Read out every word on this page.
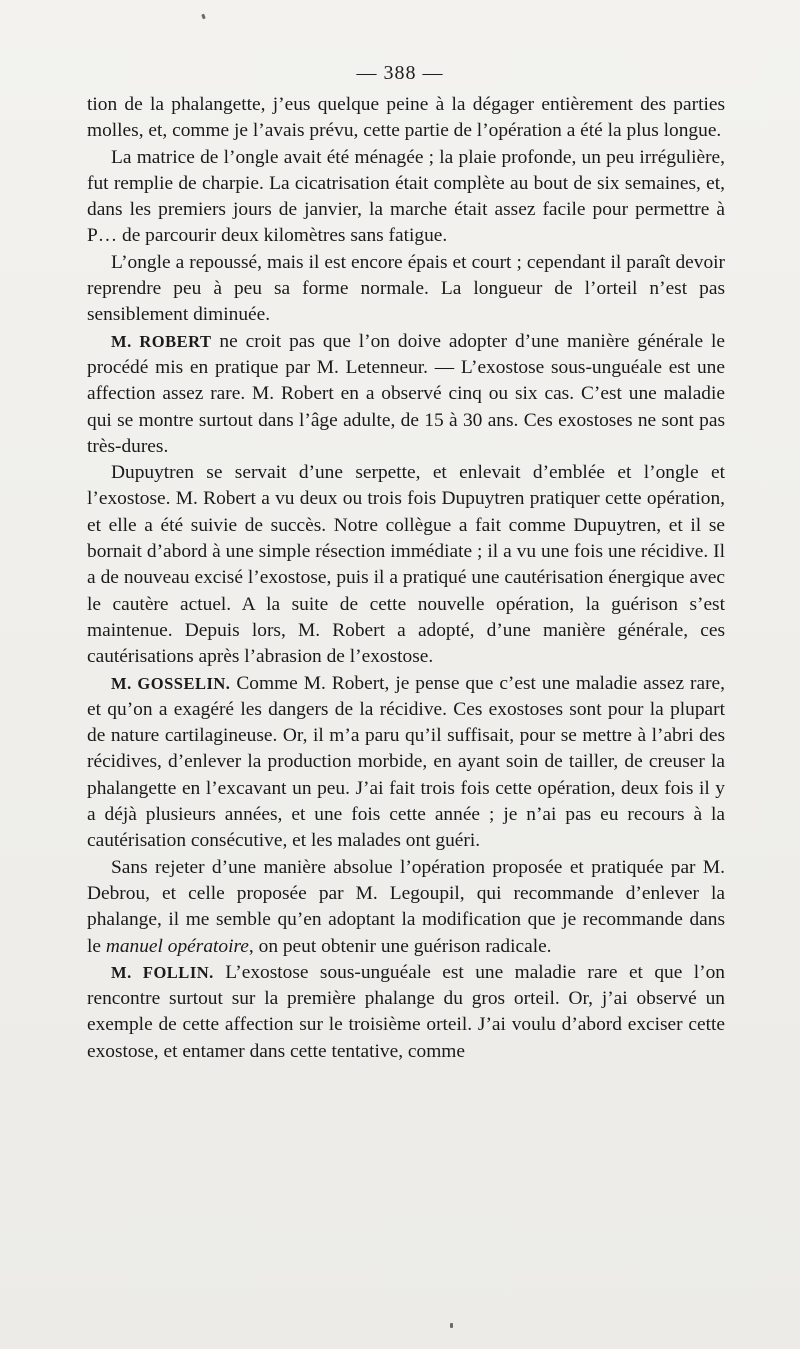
— 388 —

tion de la phalangette, j’eus quelque peine à la dégager entièrement des parties molles, et, comme je l’avais prévu, cette partie de l’opération a été la plus longue.

La matrice de l’ongle avait été ménagée ; la plaie profonde, un peu irrégulière, fut remplie de charpie. La cicatrisation était complète au bout de six semaines, et, dans les premiers jours de janvier, la marche était assez facile pour permettre à P… de parcourir deux kilomètres sans fatigue.

L’ongle a repoussé, mais il est encore épais et court ; cependant il paraît devoir reprendre peu à peu sa forme normale. La longueur de l’orteil n’est pas sensiblement diminuée.

M. ROBERT ne croit pas que l’on doive adopter d’une manière générale le procédé mis en pratique par M. Letenneur. — L’exostose sous-unguéale est une affection assez rare. M. Robert en a observé cinq ou six cas. C’est une maladie qui se montre surtout dans l’âge adulte, de 15 à 30 ans. Ces exostoses ne sont pas très-dures.

Dupuytren se servait d’une serpette, et enlevait d’emblée et l’ongle et l’exostose. M. Robert a vu deux ou trois fois Dupuytren pratiquer cette opération, et elle a été suivie de succès. Notre collègue a fait comme Dupuytren, et il se bornait d’abord à une simple résection immédiate ; il a vu une fois une récidive. Il a de nouveau excisé l’exostose, puis il a pratiqué une cautérisation énergique avec le cautère actuel. A la suite de cette nouvelle opération, la guérison s’est maintenue. Depuis lors, M. Robert a adopté, d’une manière générale, ces cautérisations après l’abrasion de l’exostose.

M. GOSSELIN. Comme M. Robert, je pense que c’est une maladie assez rare, et qu’on a exagéré les dangers de la récidive. Ces exostoses sont pour la plupart de nature cartilagineuse. Or, il m’a paru qu’il suffisait, pour se mettre à l’abri des récidives, d’enlever la production morbide, en ayant soin de tailler, de creuser la phalangette en l’excavant un peu. J’ai fait trois fois cette opération, deux fois il y a déjà plusieurs années, et une fois cette année ; je n’ai pas eu recours à la cautérisation consécutive, et les malades ont guéri.

Sans rejeter d’une manière absolue l’opération proposée et pratiquée par M. Debrou, et celle proposée par M. Legoupil, qui recommande d’enlever la phalange, il me semble qu’en adoptant la modification que je recommande dans le manuel opératoire, on peut obtenir une guérison radicale.

M. FOLLIN. L’exostose sous-unguéale est une maladie rare et que l’on rencontre surtout sur la première phalange du gros orteil. Or, j’ai observé un exemple de cette affection sur le troisième orteil. J’ai voulu d’abord exciser cette exostose, et entamer dans cette tentative, comme
